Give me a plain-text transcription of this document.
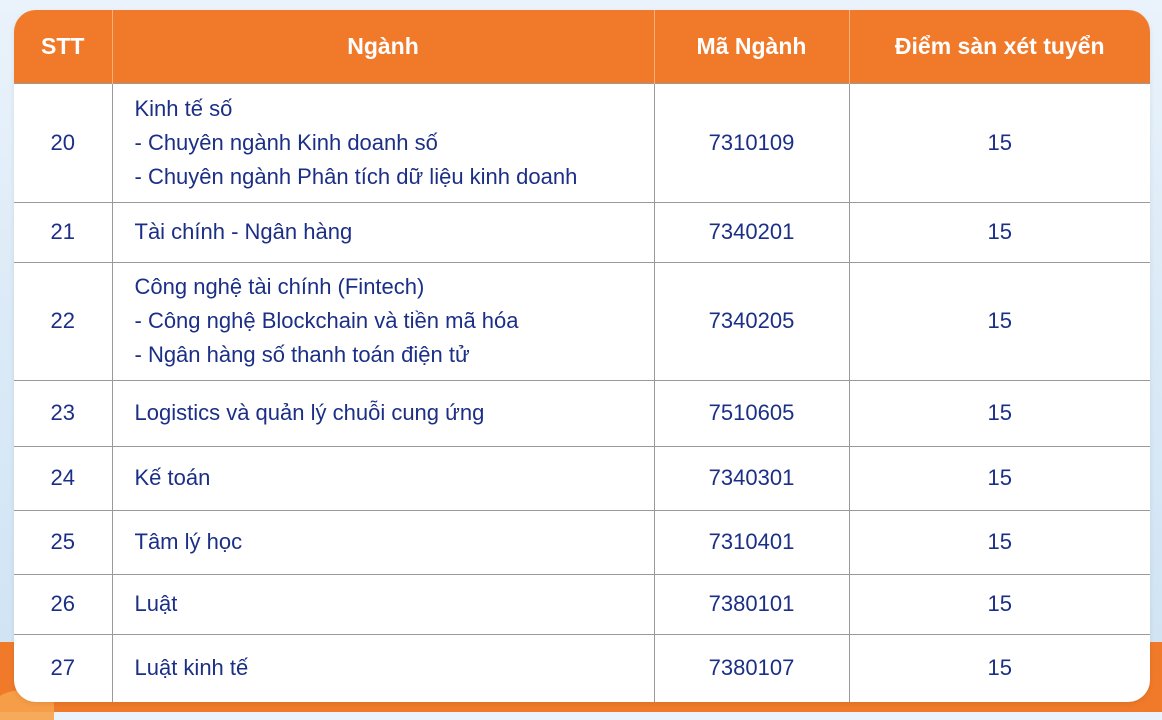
STT	Ngành	Mã Ngành	Điểm sàn xét tuyển
20	Kinh tế số
- Chuyên ngành Kinh doanh số
- Chuyên ngành Phân tích dữ liệu kinh doanh	7310109	15
21	Tài chính - Ngân hàng	7340201	15
22	Công nghệ tài chính (Fintech)
- Công nghệ Blockchain và tiền mã hóa
- Ngân hàng số thanh toán điện tử	7340205	15
23	Logistics và quản lý chuỗi cung ứng	7510605	15
24	Kế toán	7340301	15
25	Tâm lý học	7310401	15
26	Luật	7380101	15
27	Luật kinh tế	7380107	15
